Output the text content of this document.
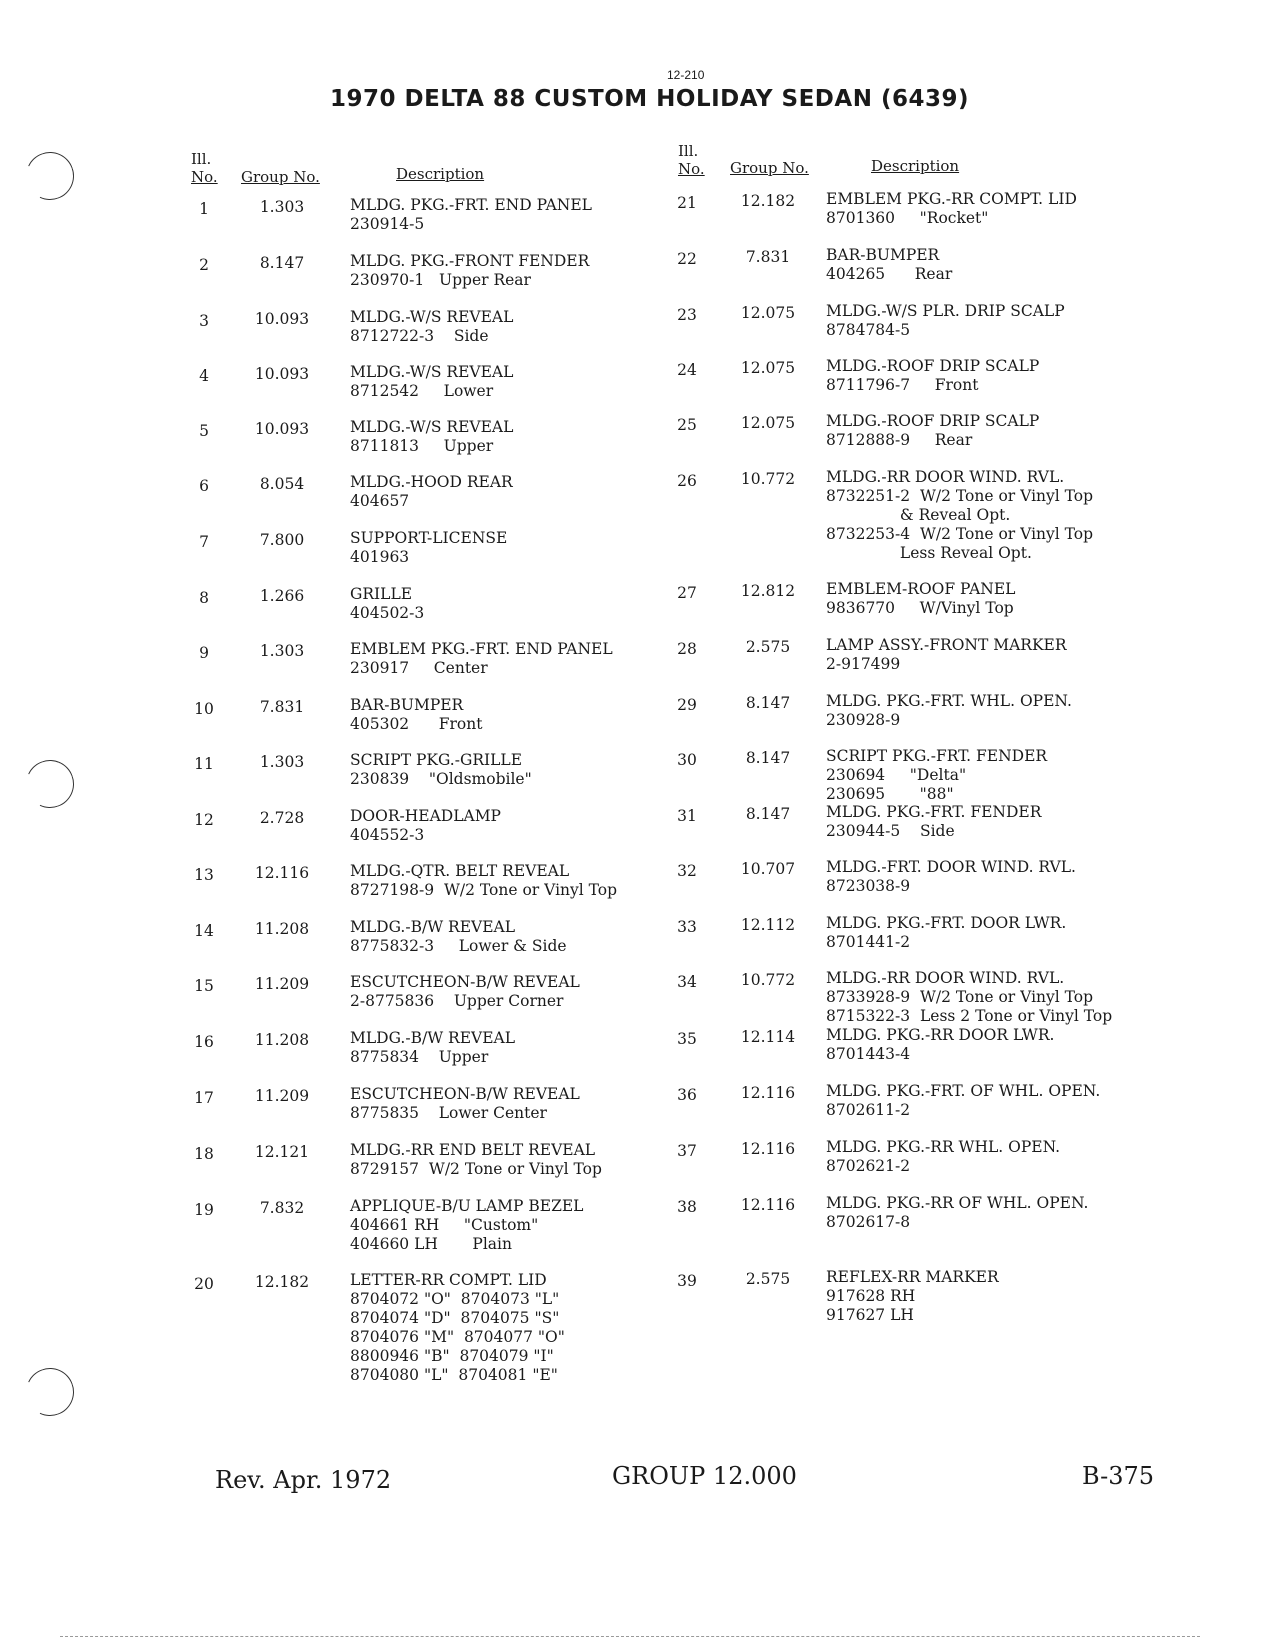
12-210
1970 DELTA 88 CUSTOM HOLIDAY SEDAN (6439)
Ill.
No. Group No.	Description
Ill.
No. Group No.	Description
1	1.303	MLDG. PKG.-FRT. END PANEL
230914-5
2	8.147	MLDG. PKG.-FRONT FENDER
230970-1   Upper Rear
3	10.093	MLDG.-W/S REVEAL
8712722-3    Side
4	10.093	MLDG.-W/S REVEAL
8712542     Lower
5	10.093	MLDG.-W/S REVEAL
8711813     Upper
6	8.054	MLDG.-HOOD REAR
404657
7	7.800	SUPPORT-LICENSE
401963
8	1.266	GRILLE
404502-3
9	1.303	EMBLEM PKG.-FRT. END PANEL
230917     Center
10	7.831	BAR-BUMPER
405302      Front
11	1.303	SCRIPT PKG.-GRILLE
230839    "Oldsmobile"
12	2.728	DOOR-HEADLAMP
404552-3
13	12.116	MLDG.-QTR. BELT REVEAL
8727198-9  W/2 Tone or Vinyl Top
14	11.208	MLDG.-B/W REVEAL
8775832-3     Lower & Side
15	11.209	ESCUTCHEON-B/W REVEAL
2-8775836    Upper Corner
16	11.208	MLDG.-B/W REVEAL
8775834    Upper
17	11.209	ESCUTCHEON-B/W REVEAL
8775835    Lower Center
18	12.121	MLDG.-RR END BELT REVEAL
8729157  W/2 Tone or Vinyl Top
19	7.832	APPLIQUE-B/U LAMP BEZEL
404661 RH     "Custom"
404660 LH       Plain
20	12.182	LETTER-RR COMPT. LID
8704072 "O"  8704073 "L"
8704074 "D"  8704075 "S"
8704076 "M"  8704077 "O"
8800946 "B"  8704079 "I"
8704080 "L"  8704081 "E"
21	12.182	EMBLEM PKG.-RR COMPT. LID
8701360     "Rocket"
22	7.831	BAR-BUMPER
404265      Rear
23	12.075	MLDG.-W/S PLR. DRIP SCALP
8784784-5
24	12.075	MLDG.-ROOF DRIP SCALP
8711796-7     Front
25	12.075	MLDG.-ROOF DRIP SCALP
8712888-9     Rear
26	10.772	MLDG.-RR DOOR WIND. RVL.
8732251-2  W/2 Tone or Vinyl Top
& Reveal Opt.
8732253-4  W/2 Tone or Vinyl Top
Less Reveal Opt.
27	12.812	EMBLEM-ROOF PANEL
9836770     W/Vinyl Top
28	2.575	LAMP ASSY.-FRONT MARKER
2-917499
29	8.147	MLDG. PKG.-FRT. WHL. OPEN.
230928-9
30	8.147	SCRIPT PKG.-FRT. FENDER
230694     "Delta"
230695       "88"
31	8.147	MLDG. PKG.-FRT. FENDER
230944-5    Side
32	10.707	MLDG.-FRT. DOOR WIND. RVL.
8723038-9
33	12.112	MLDG. PKG.-FRT. DOOR LWR.
8701441-2
34	10.772	MLDG.-RR DOOR WIND. RVL.
8733928-9  W/2 Tone or Vinyl Top
8715322-3  Less 2 Tone or Vinyl Top
35	12.114	MLDG. PKG.-RR DOOR LWR.
8701443-4
36	12.116	MLDG. PKG.-FRT. OF WHL. OPEN.
8702611-2
37	12.116	MLDG. PKG.-RR WHL. OPEN.
8702621-2
38	12.116	MLDG. PKG.-RR OF WHL. OPEN.
8702617-8
39	2.575	REFLEX-RR MARKER
917628 RH
917627 LH
Rev. Apr. 1972	GROUP 12.000	B-375
